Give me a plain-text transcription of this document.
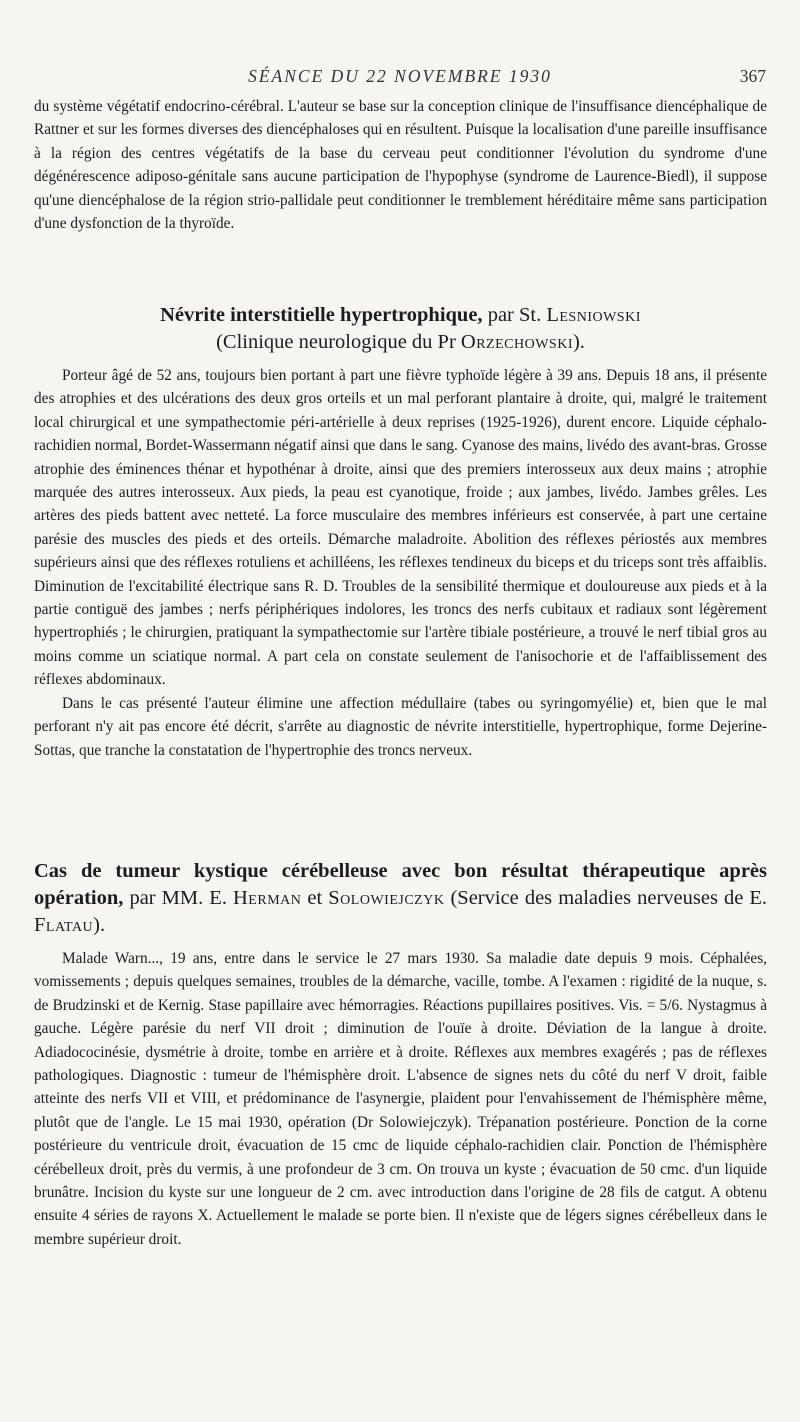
SÉANCE DU 22 NOVEMBRE 1930	367

du système végétatif endocrino-cérébral. L'auteur se base sur la conception clinique de l'insuffisance diencéphalique de Rattner et sur les formes diverses des diencéphaloses qui en résultent. Puisque la localisation d'une pareille insuffisance à la région des centres végétatifs de la base du cerveau peut conditionner l'évolution du syndrome d'une dégénérescence adiposo-génitale sans aucune participation de l'hypophyse (syndrome de Laurence-Biedl), il suppose qu'une diencéphalose de la région strio-pallidale peut conditionner le tremblement héréditaire même sans participation d'une dysfonction de la thyroïde.

Névrite interstitielle hypertrophique, par St. Lesniowski
(Clinique neurologique du Pr Orzechowski).

Porteur âgé de 52 ans, toujours bien portant à part une fièvre typhoïde légère à 39 ans. Depuis 18 ans, il présente des atrophies et des ulcérations des deux gros orteils et un mal perforant plantaire à droite, qui, malgré le traitement local chirurgical et une sympathectomie péri-artérielle à deux reprises (1925-1926), durent encore. Liquide céphalo-rachidien normal, Bordet-Wassermann négatif ainsi que dans le sang. Cyanose des mains, livédo des avant-bras. Grosse atrophie des éminences thénar et hypothénar à droite, ainsi que des premiers interosseux aux deux mains ; atrophie marquée des autres interosseux. Aux pieds, la peau est cyanotique, froide ; aux jambes, livédo. Jambes grêles. Les artères des pieds battent avec netteté. La force musculaire des membres inférieurs est conservée, à part une certaine parésie des muscles des pieds et des orteils. Démarche maladroite. Abolition des réflexes périostés aux membres supérieurs ainsi que des réflexes rotuliens et achilléens, les réflexes tendineux du biceps et du triceps sont très affaiblis. Diminution de l'excitabilité électrique sans R. D. Troubles de la sensibilité thermique et douloureuse aux pieds et à la partie contiguë des jambes ; nerfs périphériques indolores, les troncs des nerfs cubitaux et radiaux sont légèrement hypertrophiés ; le chirurgien, pratiquant la sympathectomie sur l'artère tibiale postérieure, a trouvé le nerf tibial gros au moins comme un sciatique normal. A part cela on constate seulement de l'anisochorie et de l'affaiblissement des réflexes abdominaux.

Dans le cas présenté l'auteur élimine une affection médullaire (tabes ou syringomyélie) et, bien que le mal perforant n'y ait pas encore été décrit, s'arrête au diagnostic de névrite interstitielle, hypertrophique, forme Dejerine-Sottas, que tranche la constatation de l'hypertrophie des troncs nerveux.

Cas de tumeur kystique cérébelleuse avec bon résultat thérapeutique après opération, par MM. E. Herman et Solowiejczyk (Service des maladies nerveuses de E. Flatau).

Malade Warn..., 19 ans, entre dans le service le 27 mars 1930. Sa maladie date depuis 9 mois. Céphalées, vomissements ; depuis quelques semaines, troubles de la démarche, vacille, tombe. A l'examen : rigidité de la nuque, s. de Brudzinski et de Kernig. Stase papillaire avec hémorragies. Réactions pupillaires positives. Vis. = 5/6. Nystagmus à gauche. Légère parésie du nerf VII droit ; diminution de l'ouïe à droite. Déviation de la langue à droite. Adiadococinésie, dysmétrie à droite, tombe en arrière et à droite. Réflexes aux membres exagérés ; pas de réflexes pathologiques. Diagnostic : tumeur de l'hémisphère droit. L'absence de signes nets du côté du nerf V droit, faible atteinte des nerfs VII et VIII, et prédominance de l'asynergie, plaident pour l'envahissement de l'hémisphère même, plutôt que de l'angle. Le 15 mai 1930, opération (Dr Solowiejczyk). Trépanation postérieure. Ponction de la corne postérieure du ventricule droit, évacuation de 15 cmc de liquide céphalo-rachidien clair. Ponction de l'hémisphère cérébelleux droit, près du vermis, à une profondeur de 3 cm. On trouva un kyste ; évacuation de 50 cmc. d'un liquide brunâtre. Incision du kyste sur une longueur de 2 cm. avec introduction dans l'origine de 28 fils de catgut. A obtenu ensuite 4 séries de rayons X. Actuellement le malade se porte bien. Il n'existe que de légers signes cérébelleux dans le membre supérieur droit.
